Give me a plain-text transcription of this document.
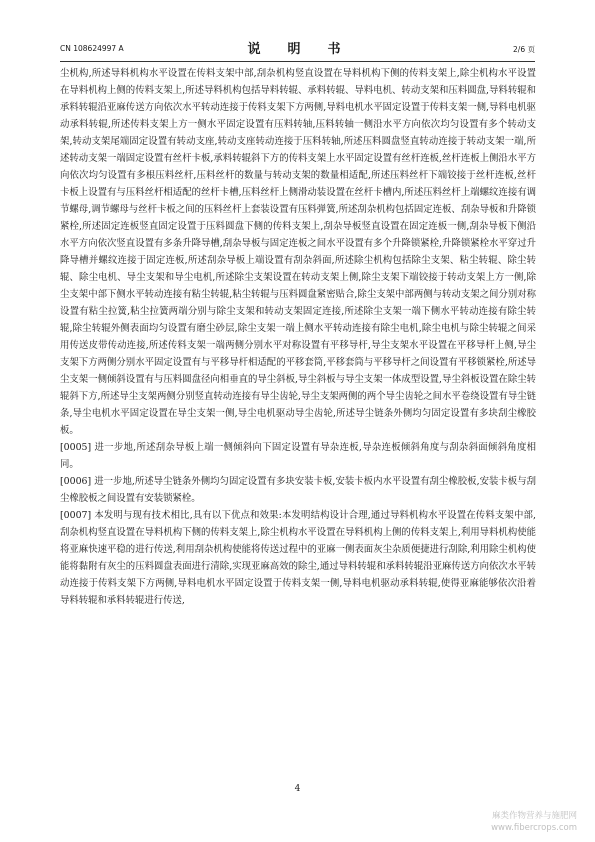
CN 108624997 A	说　明　书	2/6 页

尘机构,所述导料机构水平设置在传料支架中部,刮杂机构竖直设置在导料机构下侧的传料支架上,除尘机构水平设置在导料机构上侧的传料支架上,所述导料机构包括导料转辊、承料转辊、导料电机、转动支架和压料圆盘,导料转辊和承料转辊沿亚麻传送方向依次水平转动连接于传料支架下方两侧,导料电机水平固定设置于传料支架一侧,导料电机驱动承料转辊,所述传料支架上方一侧水平固定设置有压料转轴,压料转轴一侧沿水平方向依次均匀设置有多个转动支架,转动支架尾端固定设置有转动支座,转动支座转动连接于压料转轴,所述压料圆盘竖直转动连接于转动支架一端,所述转动支架一端固定设置有丝杆卡板,承料转辊斜下方的传料支架上水平固定设置有丝杆连板,丝杆连板上侧沿水平方向依次均匀设置有多根压料丝杆,压料丝杆的数量与转动支架的数量相适配,所述压料丝杆下端铰接于丝杆连板,丝杆卡板上设置有与压料丝杆相适配的丝杆卡槽,压料丝杆上侧滑动装设置在丝杆卡槽内,所述压料丝杆上端螺纹连接有调节螺母,调节螺母与丝杆卡板之间的压料丝杆上套装设置有压料弹簧,所述刮杂机构包括固定连板、刮杂导板和升降锁紧栓,所述固定连板竖直固定设置于压料圆盘下侧的传料支架上,刮杂导板竖直设置在固定连板一侧,刮杂导板下侧沿水平方向依次竖直设置有多条升降导槽,刮杂导板与固定连板之间水平设置有多个升降锁紧栓,升降锁紧栓水平穿过升降导槽并螺纹连接于固定连板,所述刮杂导板上端设置有刮杂斜面,所述除尘机构包括除尘支架、粘尘转辊、除尘转辊、除尘电机、导尘支架和导尘电机,所述除尘支架设置在转动支架上侧,除尘支架下端铰接于转动支架上方一侧,除尘支架中部下侧水平转动连接有粘尘转辊,粘尘转辊与压料圆盘紧密贴合,除尘支架中部两侧与转动支架之间分别对称设置有粘尘拉簧,粘尘拉簧两端分别与除尘支架和转动支架固定连接,所述除尘支架一端下侧水平转动连接有除尘转辊,除尘转辊外侧表面均匀设置有磨尘砂层,除尘支架一端上侧水平转动连接有除尘电机,除尘电机与除尘转辊之间采用传送皮带传动连接,所述传料支架一端两侧分别水平对称设置有平移导杆,导尘支架水平设置在平移导杆上侧,导尘支架下方两侧分别水平固定设置有与平移导杆相适配的平移套筒,平移套筒与平移导杆之间设置有平移锁紧栓,所述导尘支架一侧倾斜设置有与压料圆盘径向相垂直的导尘斜板,导尘斜板与导尘支架一体成型设置,导尘斜板设置在除尘转辊斜下方,所述导尘支架两侧分别竖直转动连接有导尘齿轮,导尘支架两侧的两个导尘齿轮之间水平卷绕设置有导尘链条,导尘电机水平固定设置在导尘支架一侧,导尘电机驱动导尘齿轮,所述导尘链条外侧均匀固定设置有多块刮尘橡胶板。

[0005] 进一步地,所述刮杂导板上端一侧倾斜向下固定设置有导杂连板,导杂连板倾斜角度与刮杂斜面倾斜角度相同。

[0006] 进一步地,所述导尘链条外侧均匀固定设置有多块安装卡板,安装卡板内水平设置有刮尘橡胶板,安装卡板与刮尘橡胶板之间设置有安装锁紧栓。

[0007] 本发明与现有技术相比,具有以下优点和效果:本发明结构设计合理,通过导料机构水平设置在传料支架中部,刮杂机构竖直设置在导料机构下侧的传料支架上,除尘机构水平设置在导料机构上侧的传料支架上,利用导料机构使能将亚麻快速平稳的进行传送,利用刮杂机构使能将传送过程中的亚麻一侧表面灰尘杂质便捷进行刮除,利用除尘机构使能将黏附有灰尘的压料圆盘表面进行清除,实现亚麻高效的除尘,通过导料转辊和承料转辊沿亚麻传送方向依次水平转动连接于传料支架下方两侧,导料电机水平固定设置于传料支架一侧,导料电机驱动承料转辊,使得亚麻能够依次沿着导料转辊和承料转辊进行传送,

4
麻类作物营养与施肥网
www.fibercrops.com
